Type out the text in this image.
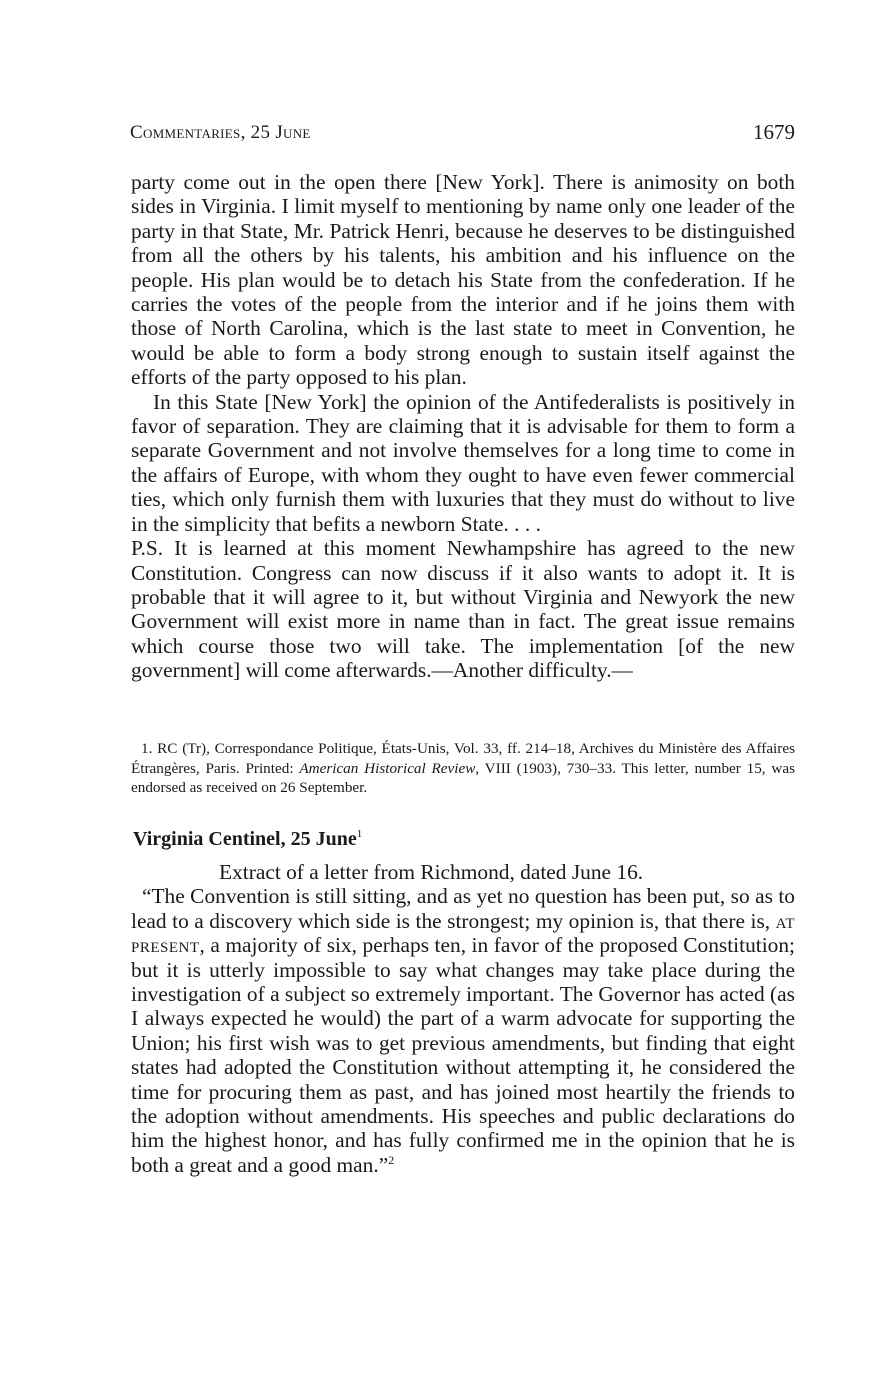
Commentaries, 25 June	1679

party come out in the open there [New York]. There is animosity on both sides in Virginia. I limit myself to mentioning by name only one leader of the party in that State, Mr. Patrick Henri, because he deserves to be distinguished from all the others by his talents, his ambition and his influence on the people. His plan would be to detach his State from the confederation. If he carries the votes of the people from the interior and if he joins them with those of North Carolina, which is the last state to meet in Convention, he would be able to form a body strong enough to sustain itself against the efforts of the party opposed to his plan.

In this State [New York] the opinion of the Antifederalists is positively in favor of separation. They are claiming that it is advisable for them to form a separate Government and not involve themselves for a long time to come in the affairs of Europe, with whom they ought to have even fewer commercial ties, which only furnish them with luxuries that they must do without to live in the simplicity that befits a newborn State. . . .

P.S. It is learned at this moment Newhampshire has agreed to the new Constitution. Congress can now discuss if it also wants to adopt it. It is probable that it will agree to it, but without Virginia and Newyork the new Government will exist more in name than in fact. The great issue remains which course those two will take. The implementation [of the new government] will come afterwards.—Another difficulty.—

1. RC (Tr), Correspondance Politique, États-Unis, Vol. 33, ff. 214–18, Archives du Ministère des Affaires Étrangères, Paris. Printed: American Historical Review, VIII (1903), 730–33. This letter, number 15, was endorsed as received on 26 September.

Virginia Centinel, 25 June$^1$

Extract of a letter from Richmond, dated June 16.

“The Convention is still sitting, and as yet no question has been put, so as to lead to a discovery which side is the strongest; my opinion is, that there is, at present, a majority of six, perhaps ten, in favor of the proposed Constitution; but it is utterly impossible to say what changes may take place during the investigation of a subject so extremely important. The Governor has acted (as I always expected he would) the part of a warm advocate for supporting the Union; his first wish was to get previous amendments, but finding that eight states had adopted the Constitution without attempting it, he considered the time for procuring them as past, and has joined most heartily the friends to the adoption without amendments. His speeches and public declarations do him the highest honor, and has fully confirmed me in the opinion that he is both a great and a good man.”$^2$
